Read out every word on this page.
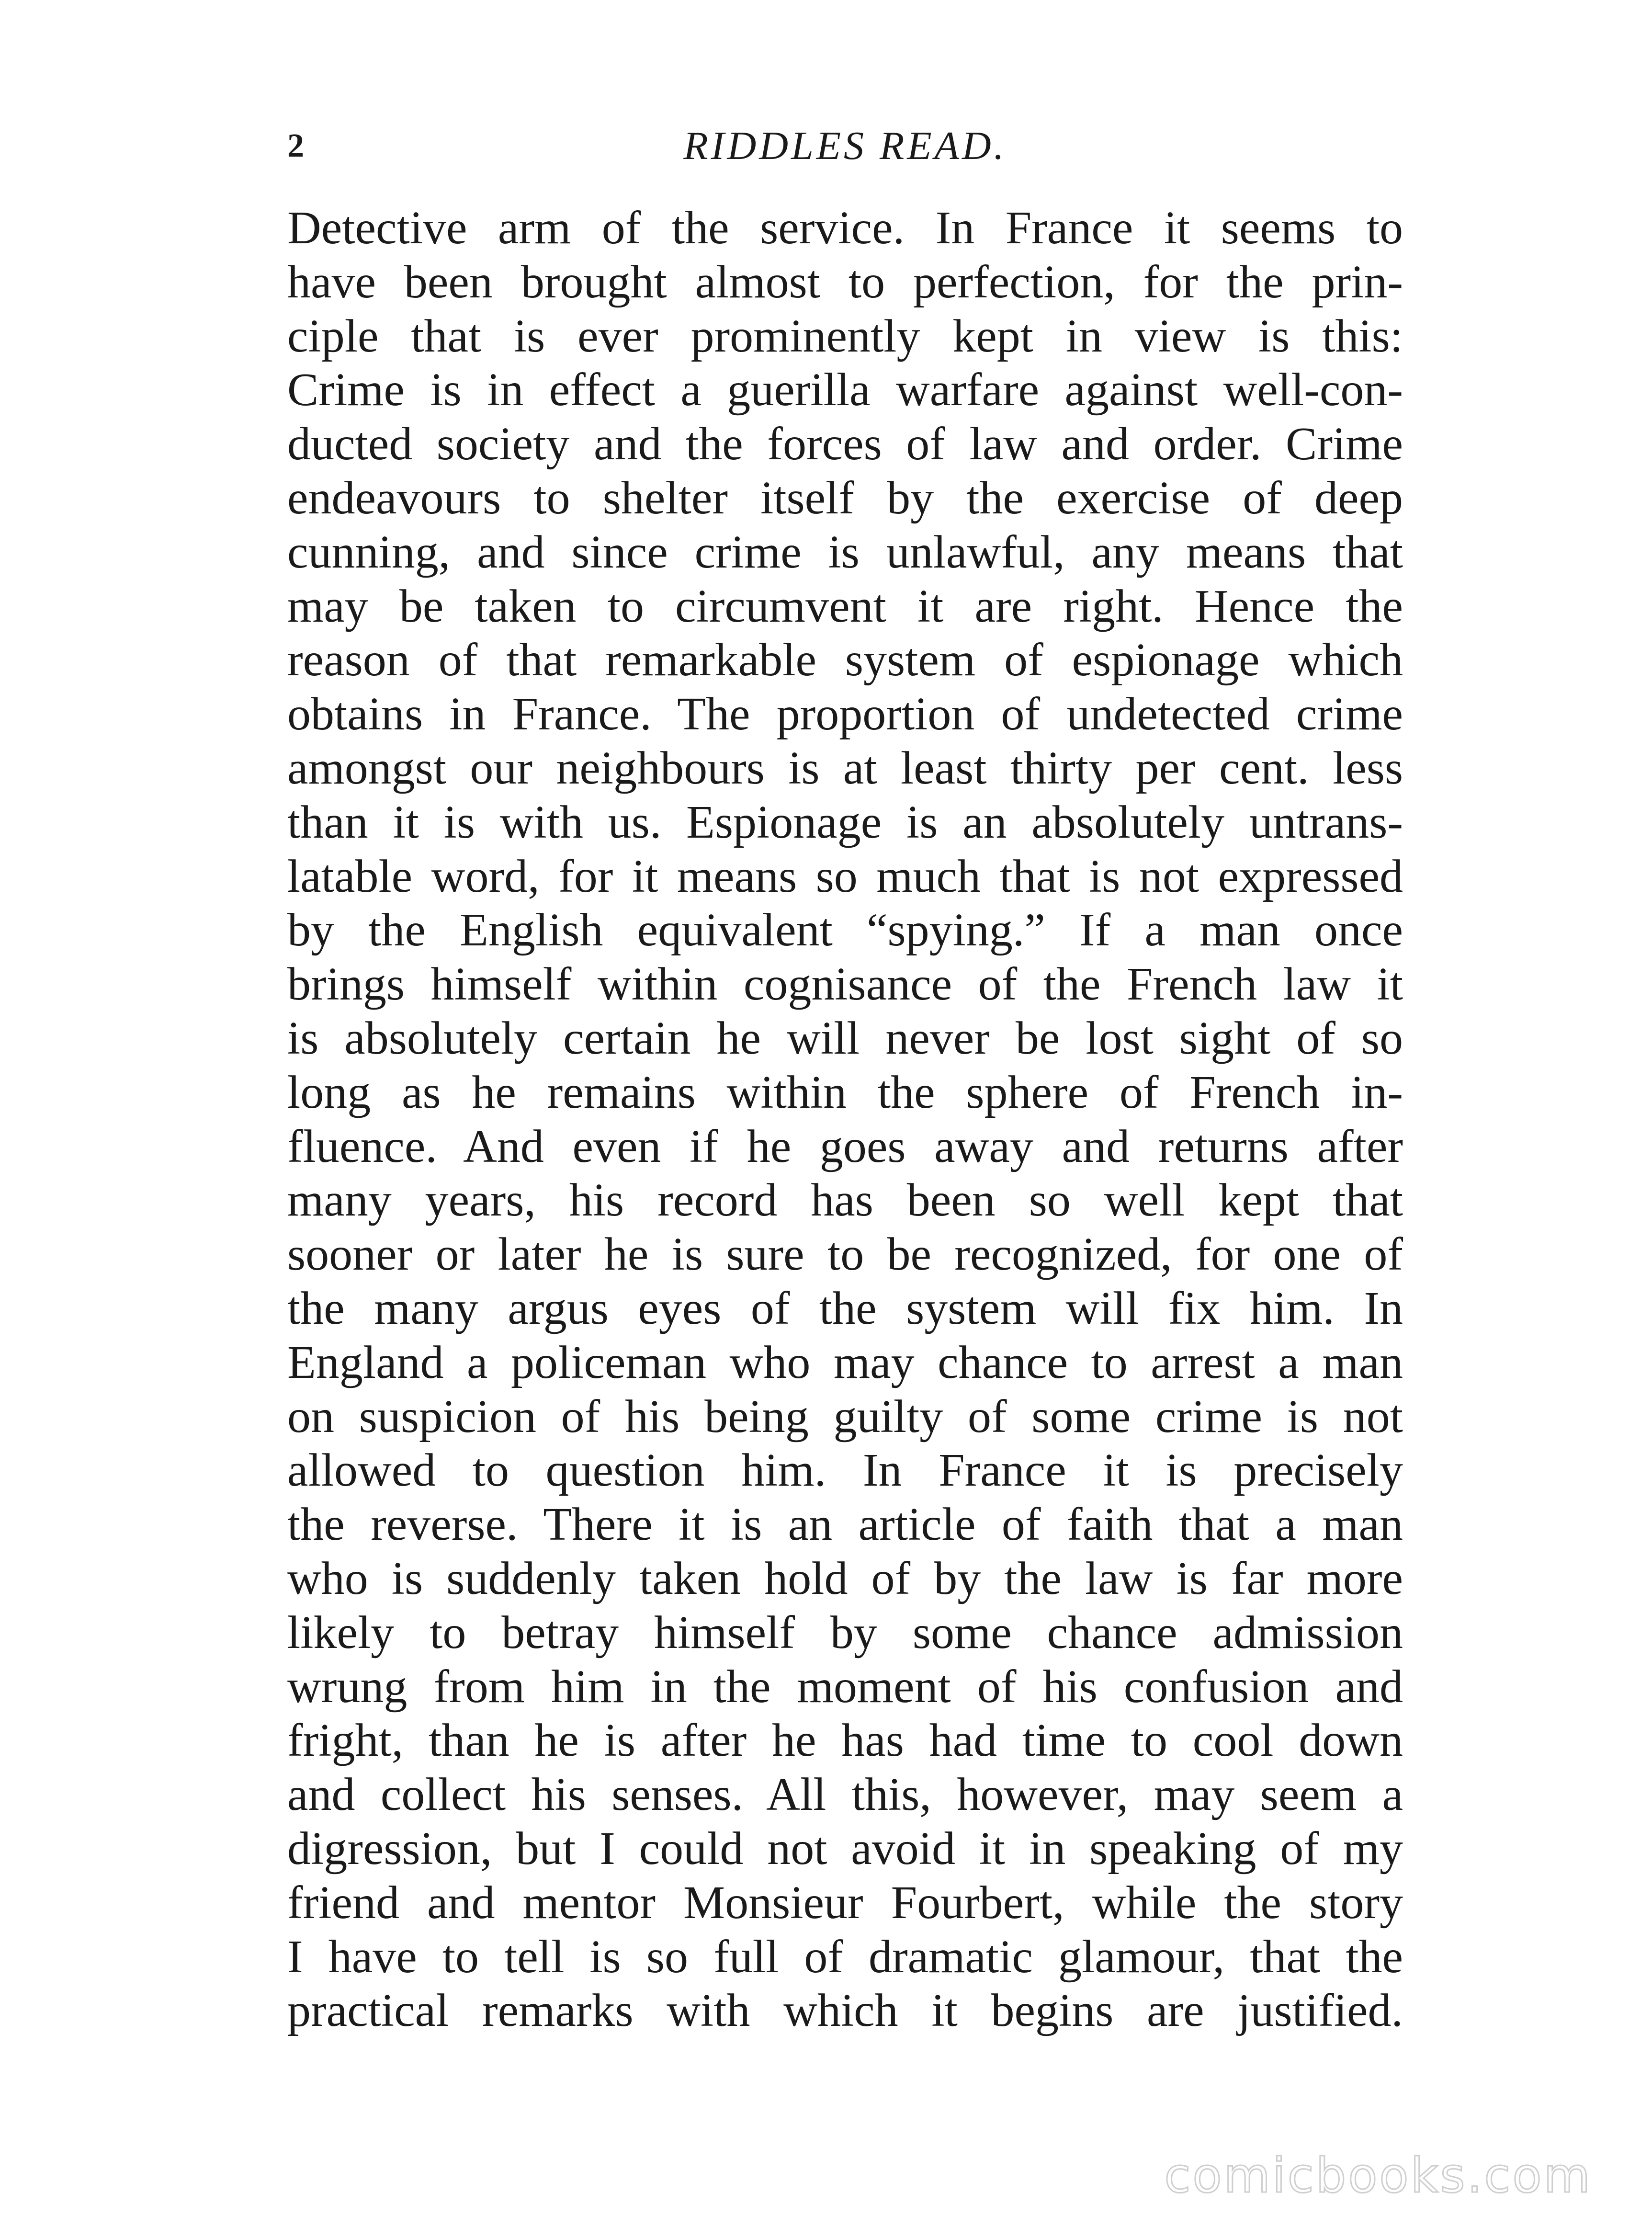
2	RIDDLES READ.
Detective arm of the service. In France it seems to
have been brought almost to perfection, for the prin-
ciple that is ever prominently kept in view is this:
Crime is in effect a guerilla warfare against well-con-
ducted society and the forces of law and order. Crime
endeavours to shelter itself by the exercise of deep
cunning, and since crime is unlawful, any means that
may be taken to circumvent it are right. Hence the
reason of that remarkable system of espionage which
obtains in France. The proportion of undetected crime
amongst our neighbours is at least thirty per cent. less
than it is with us. Espionage is an absolutely untrans-
latable word, for it means so much that is not expressed
by the English equivalent “spying.” If a man once
brings himself within cognisance of the French law it
is absolutely certain he will never be lost sight of so
long as he remains within the sphere of French in-
fluence. And even if he goes away and returns after
many years, his record has been so well kept that
sooner or later he is sure to be recognized, for one of
the many argus eyes of the system will fix him. In
England a policeman who may chance to arrest a man
on suspicion of his being guilty of some crime is not
allowed to question him. In France it is precisely
the reverse. There it is an article of faith that a man
who is suddenly taken hold of by the law is far more
likely to betray himself by some chance admission
wrung from him in the moment of his confusion and
fright, than he is after he has had time to cool down
and collect his senses. All this, however, may seem a
digression, but I could not avoid it in speaking of my
friend and mentor Monsieur Fourbert, while the story
I have to tell is so full of dramatic glamour, that the
practical remarks with which it begins are justified.
comicbooks.com
